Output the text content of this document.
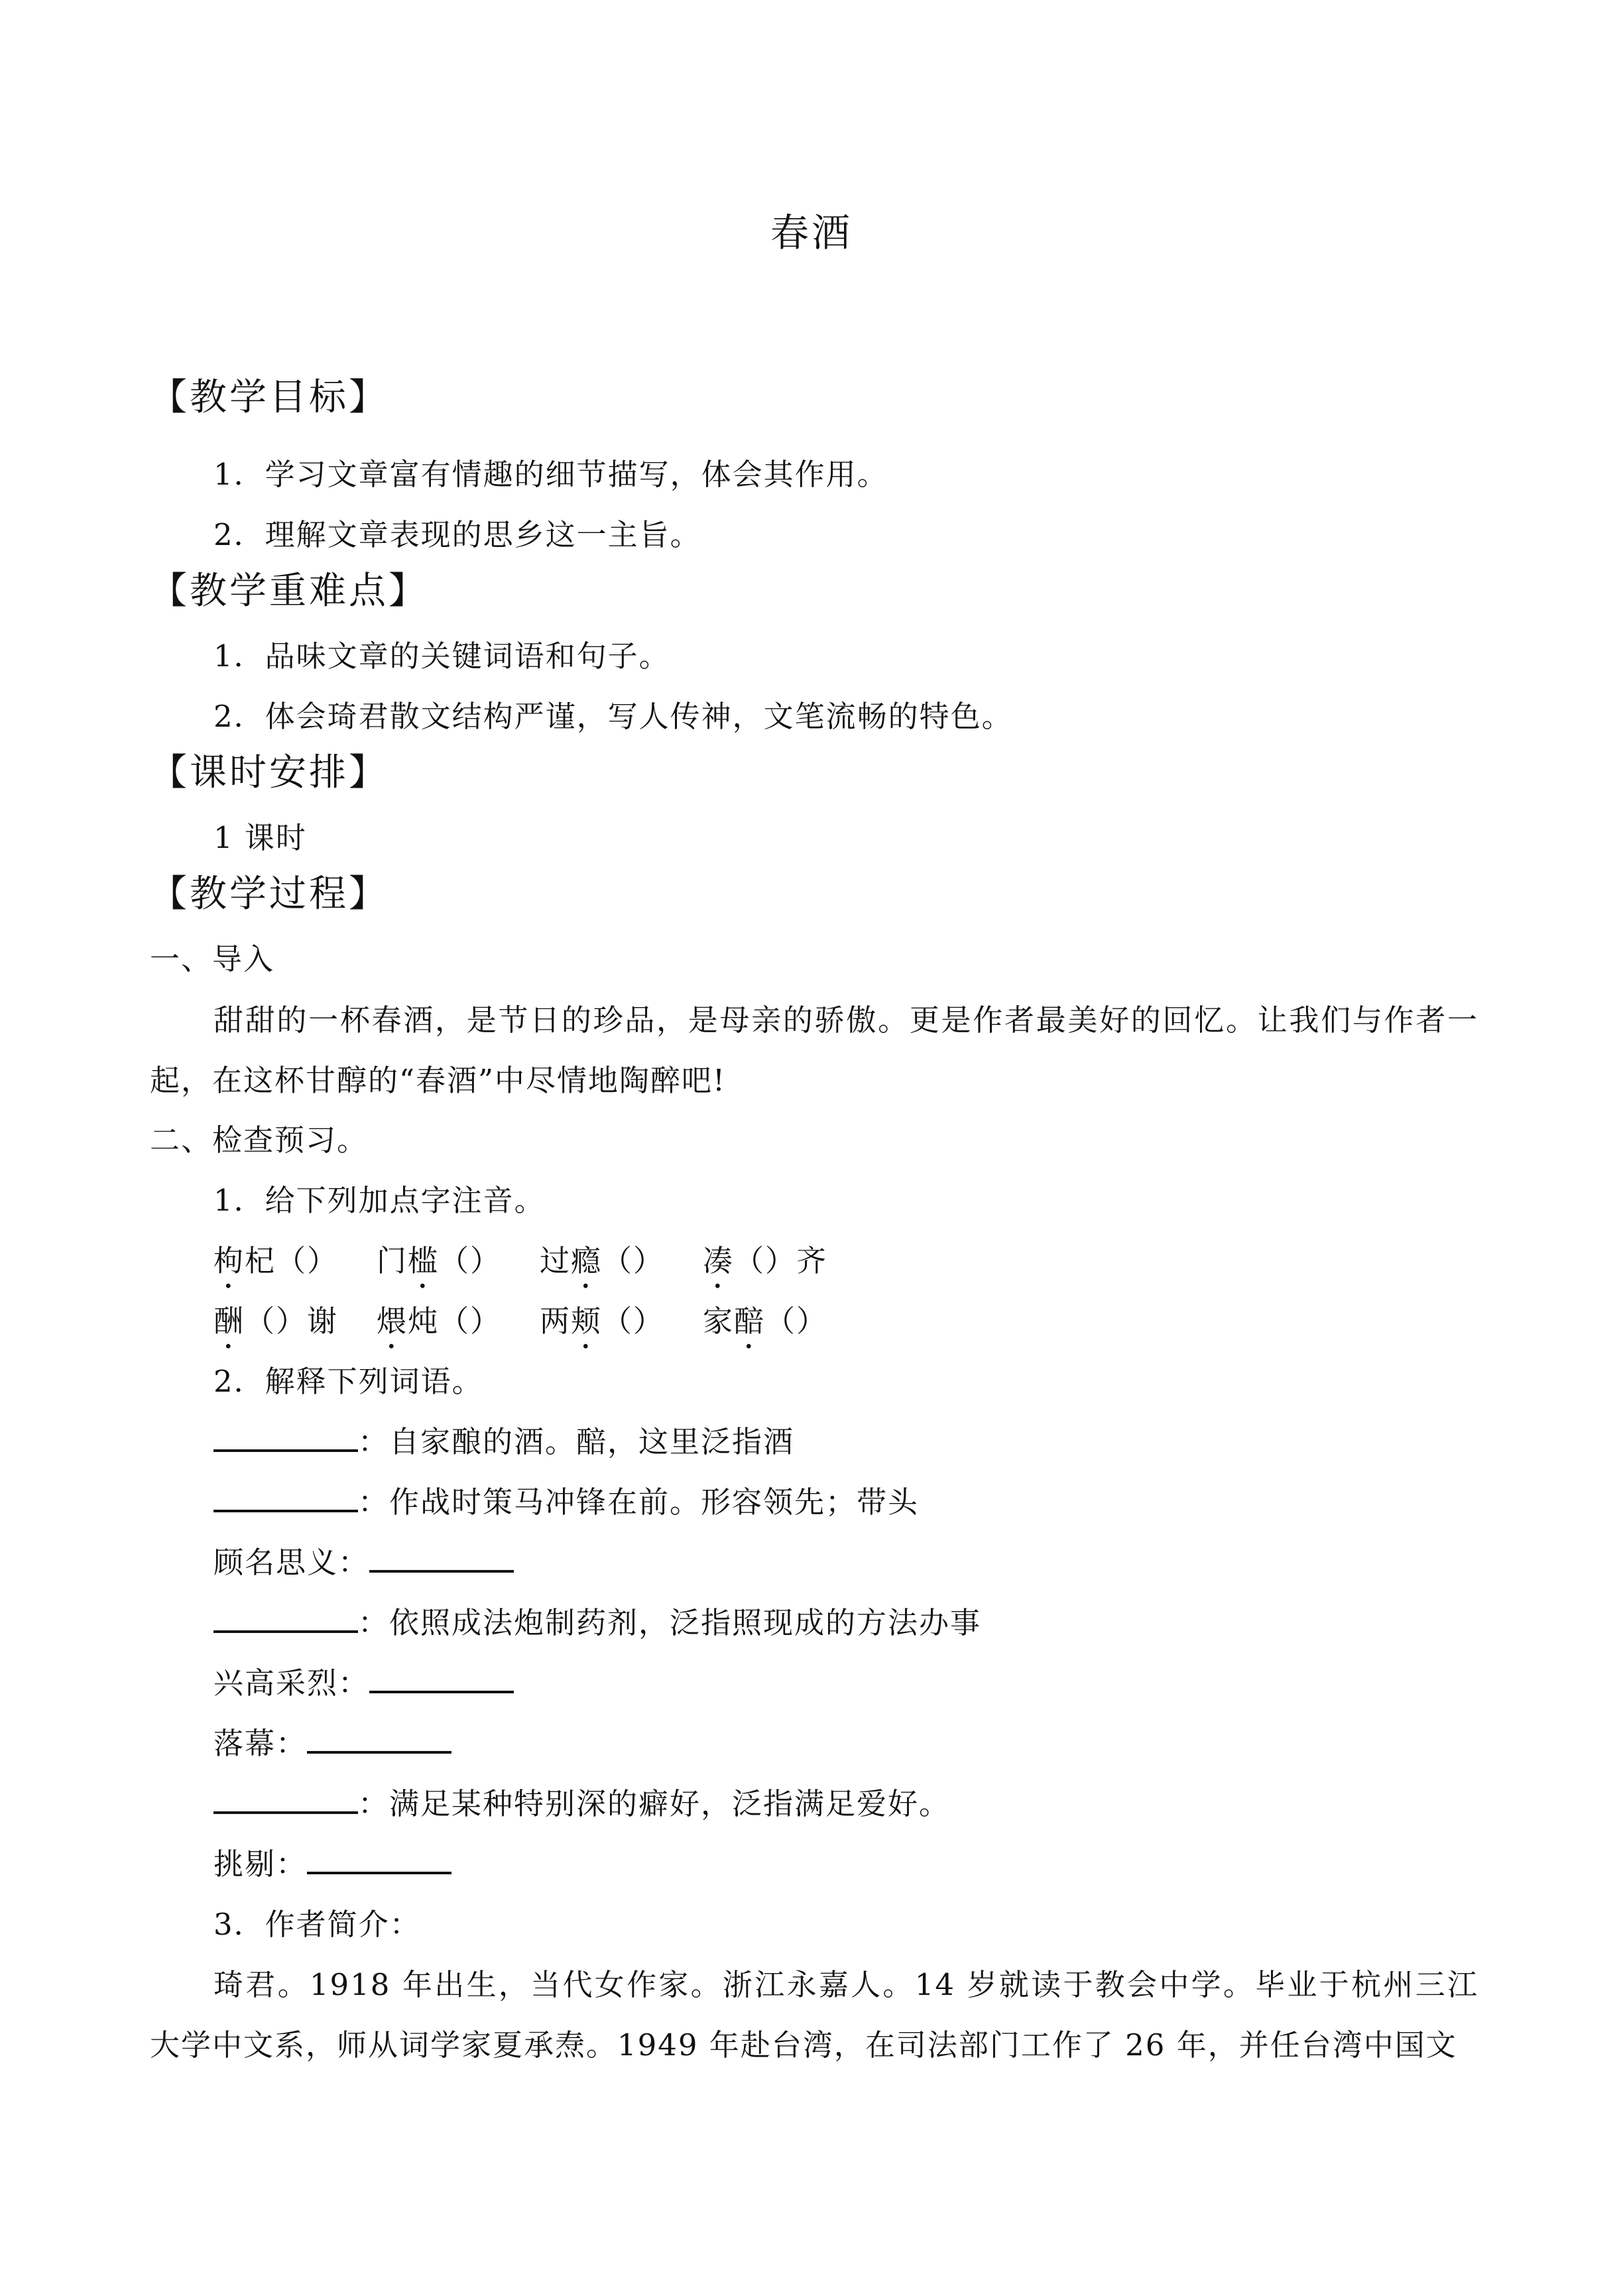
春酒
【教学目标】
1．学习文章富有情趣的细节描写，体会其作用。
2．理解文章表现的思乡这一主旨。
【教学重难点】
1．品味文章的关键词语和句子。
2．体会琦君散文结构严谨，写人传神，文笔流畅的特色。
【课时安排】
1 课时
【教学过程】
一、导入
甜甜的一杯春酒，是节日的珍品，是母亲的骄傲。更是作者最美好的回忆。让我们与作者一起，在这杯甘醇的“春酒”中尽情地陶醉吧!
二、检查预习。
1．给下列加点字注音。
枸杞（） 门槛（） 过瘾（） 凑（）齐
酬（）谢 煨炖（） 两颊（） 家醅（）
2．解释下列词语。
：自家酿的酒。醅，这里泛指酒
：作战时策马冲锋在前。形容领先；带头
顾名思义：
：依照成法炮制药剂，泛指照现成的方法办事
兴高采烈：
落幕：
：满足某种特别深的癖好，泛指满足爱好。
挑剔：
3．作者简介：
琦君。1918 年出生，当代女作家。浙江永嘉人。14 岁就读于教会中学。毕业于杭州三江大学中文系，师从词学家夏承焘。1949 年赴台湾，在司法部门工作了 26 年，并任台湾中国文
